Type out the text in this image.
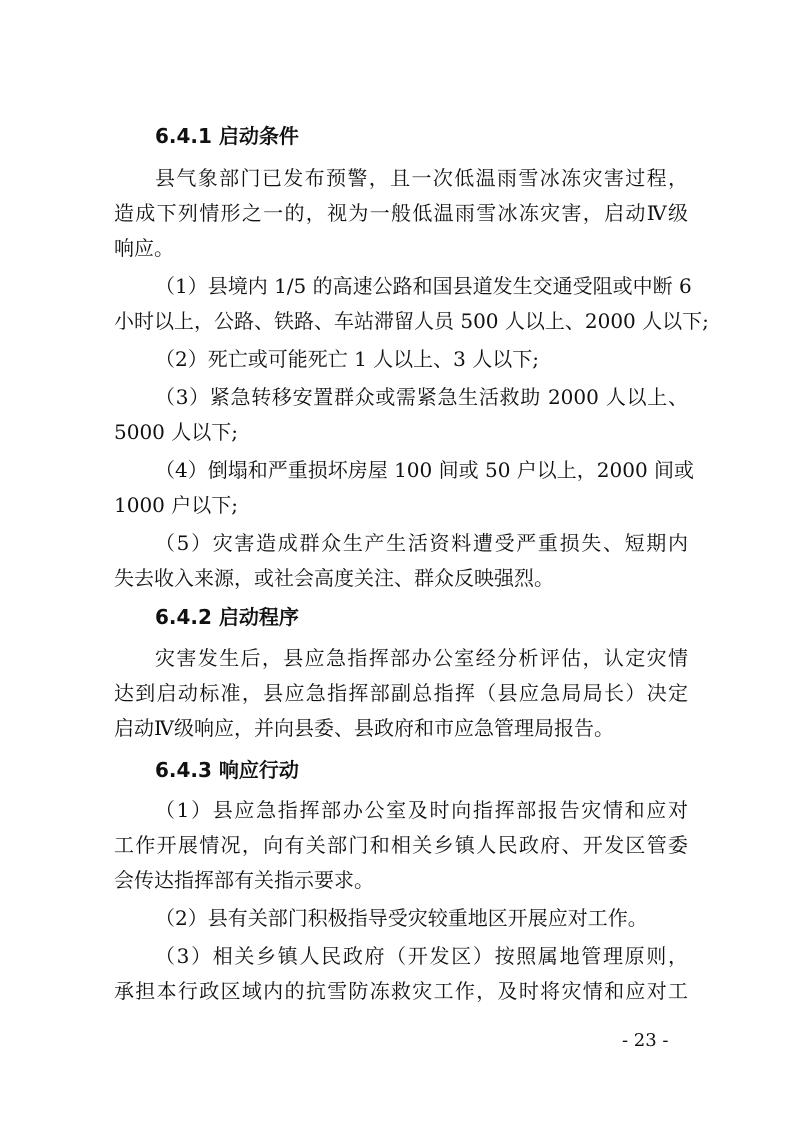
6.4.1 启动条件
县气象部门已发布预警，且一次低温雨雪冰冻灾害过程，
造成下列情形之一的，视为一般低温雨雪冰冻灾害，启动Ⅳ级
响应。
（1）县境内 1/5 的高速公路和国县道发生交通受阻或中断 6
小时以上，公路、铁路、车站滞留人员 500 人以上、2000 人以下;
（2）死亡或可能死亡 1 人以上、3 人以下;
（3）紧急转移安置群众或需紧急生活救助 2000 人以上、
5000 人以下;
（4）倒塌和严重损坏房屋 100 间或 50 户以上，2000 间或
1000 户以下;
（5）灾害造成群众生产生活资料遭受严重损失、短期内
失去收入来源，或社会高度关注、群众反映强烈。
6.4.2 启动程序
灾害发生后，县应急指挥部办公室经分析评估，认定灾情
达到启动标准，县应急指挥部副总指挥（县应急局局长）决定
启动Ⅳ级响应，并向县委、县政府和市应急管理局报告。
6.4.3 响应行动
（1）县应急指挥部办公室及时向指挥部报告灾情和应对
工作开展情况，向有关部门和相关乡镇人民政府、开发区管委
会传达指挥部有关指示要求。
（2）县有关部门积极指导受灾较重地区开展应对工作。
（3）相关乡镇人民政府（开发区）按照属地管理原则，
承担本行政区域内的抗雪防冻救灾工作，及时将灾情和应对工
- 23 -
